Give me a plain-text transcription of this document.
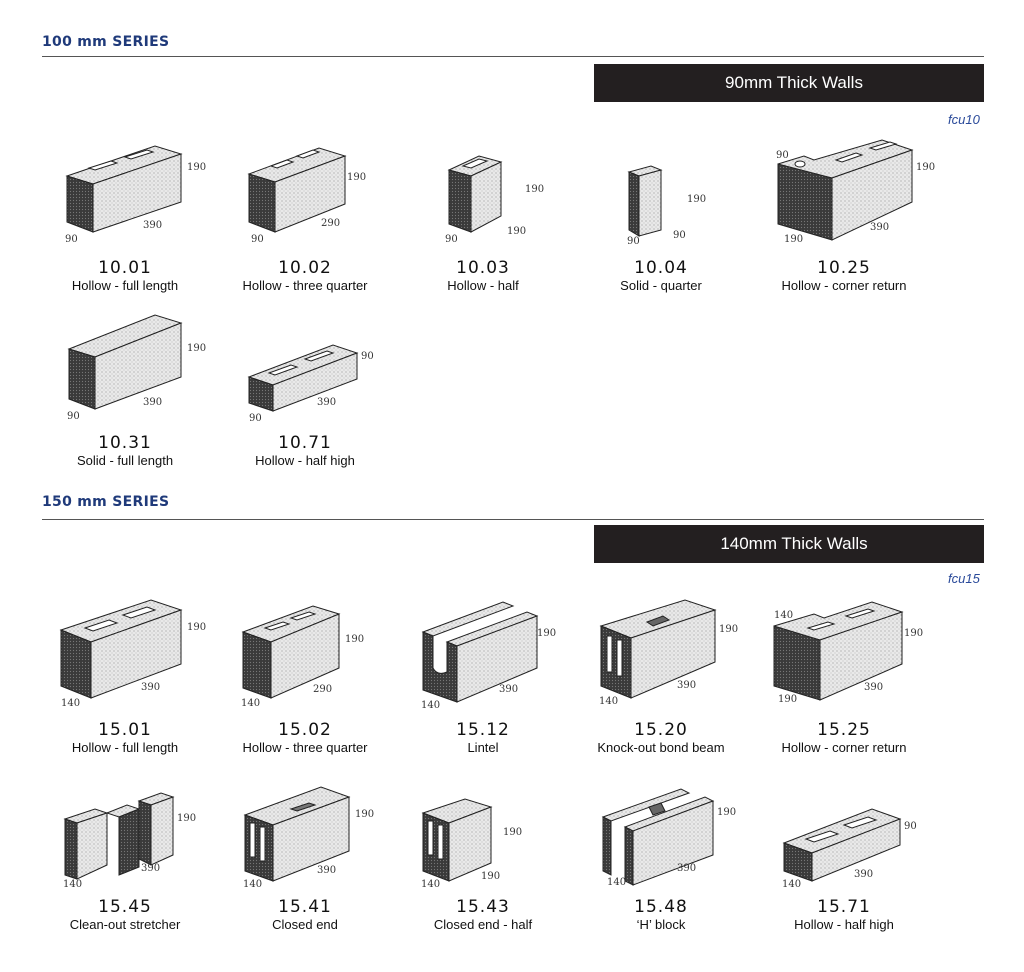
100 mm SERIES
90mm Thick Walls
fcu10
190
390
90
10.01
Hollow - full length
190
290
90
10.02
Hollow - three quarter
190
190
90
10.03
Hollow - half
190
90
90
10.04
Solid - quarter
190
390
190
90
10.25
Hollow - corner return
190
390
90
10.31
Solid - full length
90
390
90
10.71
Hollow - half high
150 mm SERIES
140mm Thick Walls
fcu15
190
390
140
15.01
Hollow - full length
190
290
140
15.02
Hollow - three quarter
190
390
140
15.12
Lintel
190
390
140
15.20
Knock-out bond beam
190
390
190
140
15.25
Hollow - corner return
190
390
140
15.45
Clean-out stretcher
190
390
140
15.41
Closed end
190
190
140
15.43
Closed end - half
190
390
140
15.48
‘H’ block
90
390
140
15.71
Hollow - half high
